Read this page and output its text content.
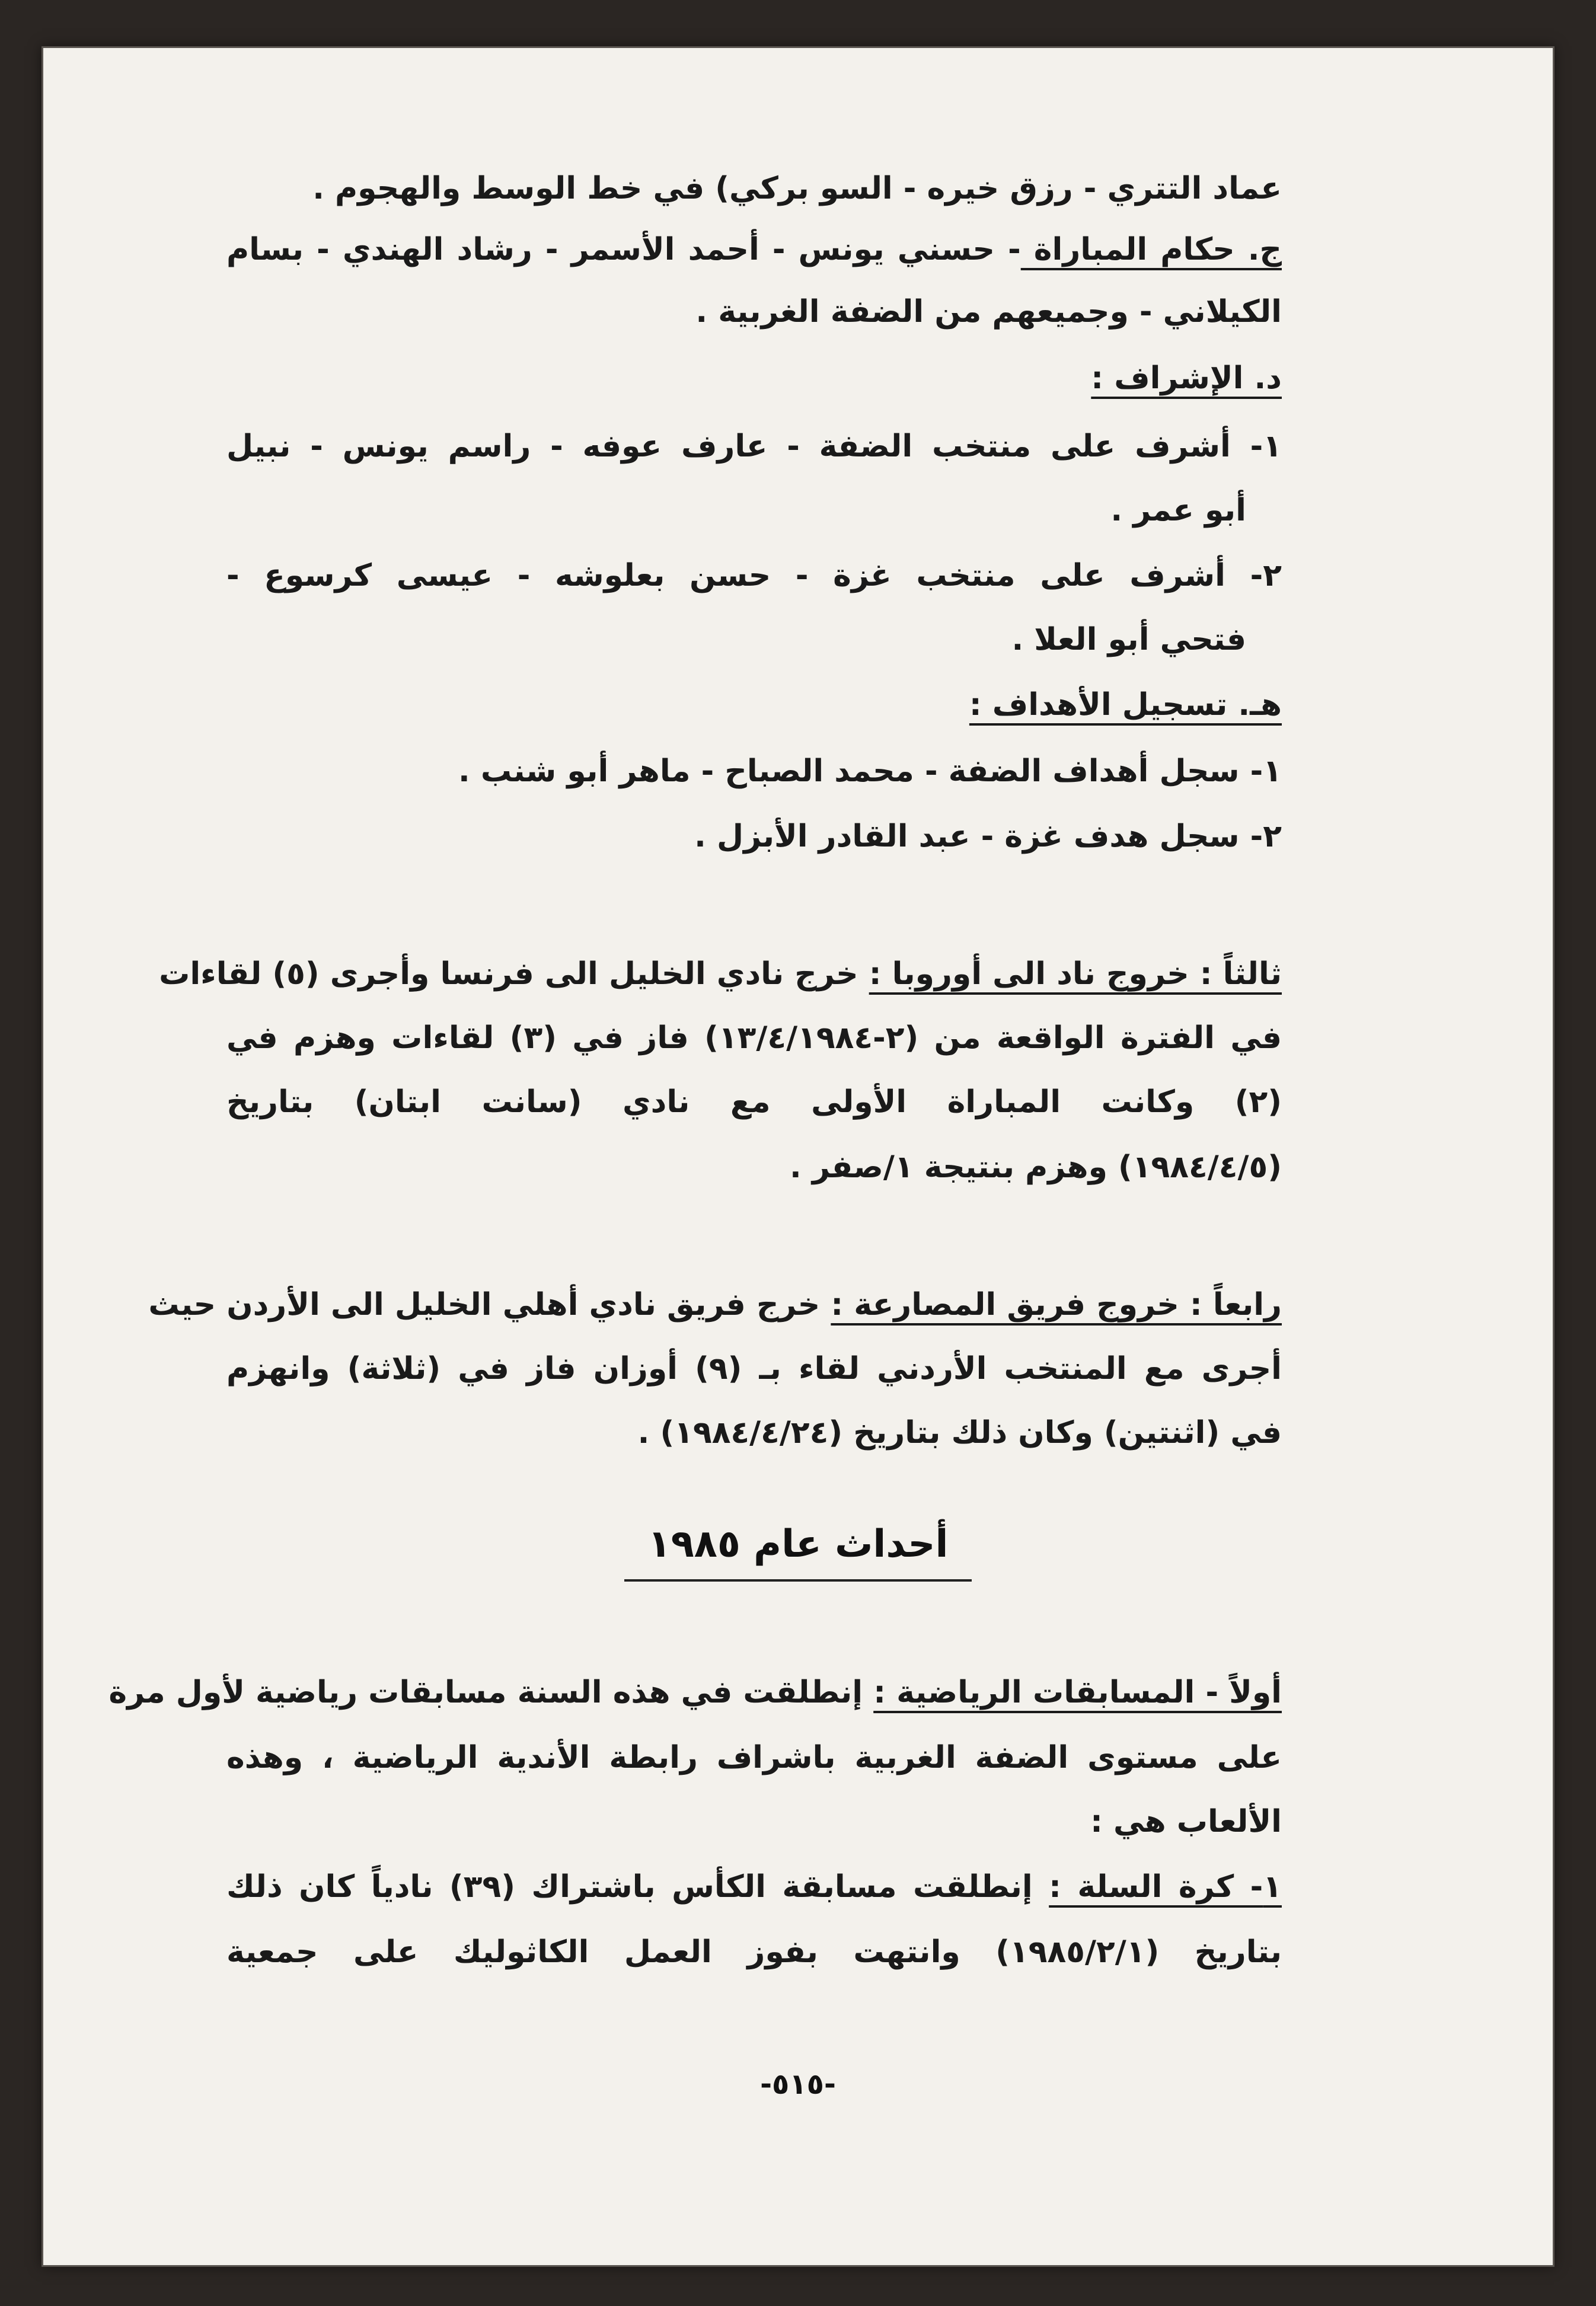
عماد التتري - رزق خيره - السو بركي) في خط الوسط والهجوم .
ج. حكام المباراة - حسني يونس - أحمد الأسمر - رشاد الهندي - بسام
الكيلاني - وجميعهم من الضفة الغربية .
د. الإشراف :
١- أشرف على منتخب الضفة - عارف عوفه - راسم يونس - نبيل
أبو عمر .
٢- أشرف على منتخب غزة - حسن بعلوشه - عيسى كرسوع -
فتحي أبو العلا .
هـ. تسجيل الأهداف :
١- سجل أهداف الضفة - محمد الصباح - ماهر أبو شنب .
٢- سجل هدف غزة - عبد القادر الأبزل .
ثالثاً : خروج ناد الى أوروبا : خرج نادي الخليل الى فرنسا وأجرى (٥) لقاءات
في الفترة الواقعة من (٢-١٣/٤/١٩٨٤) فاز في (٣) لقاءات وهزم في
(٢) وكانت المباراة الأولى مع نادي (سانت ابتان) بتاريخ
(١٩٨٤/٤/٥) وهزم بنتيجة ١/صفر .
رابعاً : خروج فريق المصارعة : خرج فريق نادي أهلي الخليل الى الأردن حيث
أجرى مع المنتخب الأردني لقاء بـ (٩) أوزان فاز في (ثلاثة) وانهزم
في (اثنتين) وكان ذلك بتاريخ (١٩٨٤/٤/٢٤) .
أحداث عام ١٩٨٥
أولاً - المسابقات الرياضية : إنطلقت في هذه السنة مسابقات رياضية لأول مرة
على مستوى الضفة الغربية باشراف رابطة الأندية الرياضية ، وهذه
الألعاب هي :
١- كرة السلة : إنطلقت مسابقة الكأس باشتراك (٣٩) نادياً كان ذلك
بتاريخ (١٩٨٥/٢/١) وانتهت بفوز العمل الكاثوليك على جمعية
-٥١٥-
